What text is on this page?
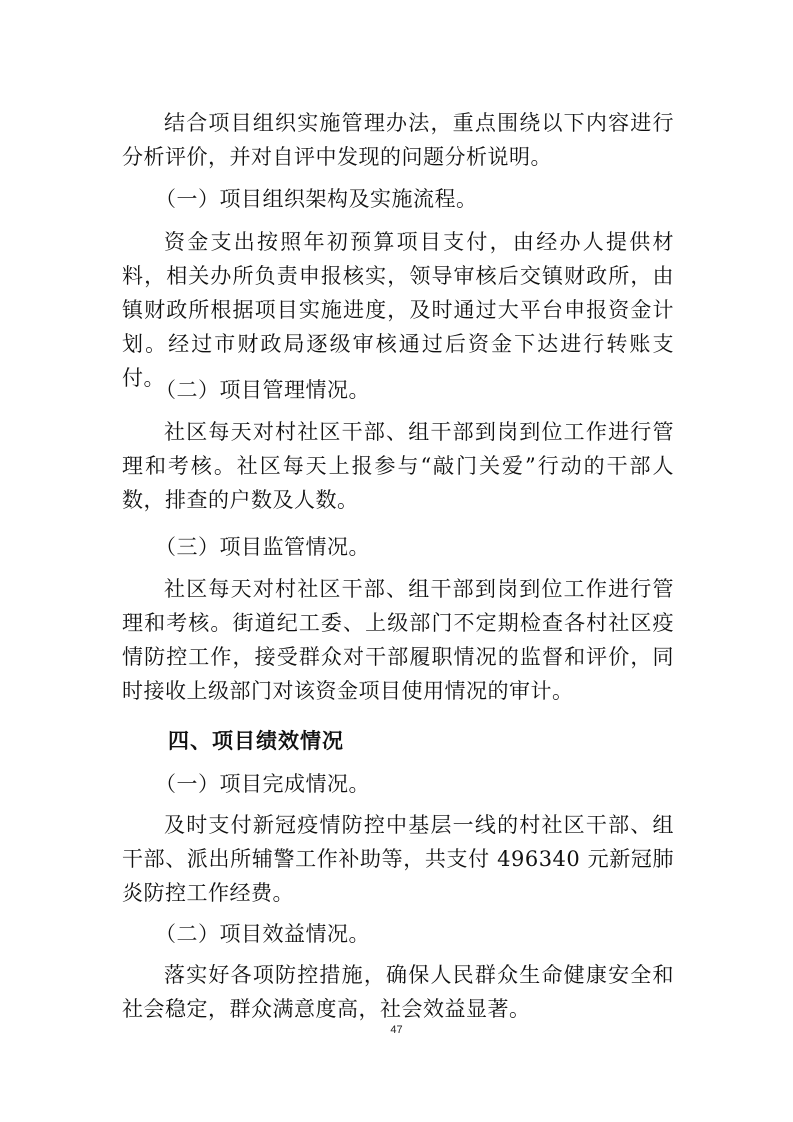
结合项目组织实施管理办法，重点围绕以下内容进行分析评价，并对自评中发现的问题分析说明。

（一）项目组织架构及实施流程。

资金支出按照年初预算项目支付，由经办人提供材料，相关办所负责申报核实，领导审核后交镇财政所，由镇财政所根据项目实施进度，及时通过大平台申报资金计划。经过市财政局逐级审核通过后资金下达进行转账支付。

（二）项目管理情况。

社区每天对村社区干部、组干部到岗到位工作进行管理和考核。社区每天上报参与“敲门关爱”行动的干部人数，排查的户数及人数。

（三）项目监管情况。

社区每天对村社区干部、组干部到岗到位工作进行管理和考核。街道纪工委、上级部门不定期检查各村社区疫情防控工作，接受群众对干部履职情况的监督和评价，同时接收上级部门对该资金项目使用情况的审计。

四、项目绩效情况

（一）项目完成情况。

及时支付新冠疫情防控中基层一线的村社区干部、组干部、派出所辅警工作补助等，共支付 496340 元新冠肺炎防控工作经费。

（二）项目效益情况。

落实好各项防控措施，确保人民群众生命健康安全和社会稳定，群众满意度高，社会效益显著。

47
